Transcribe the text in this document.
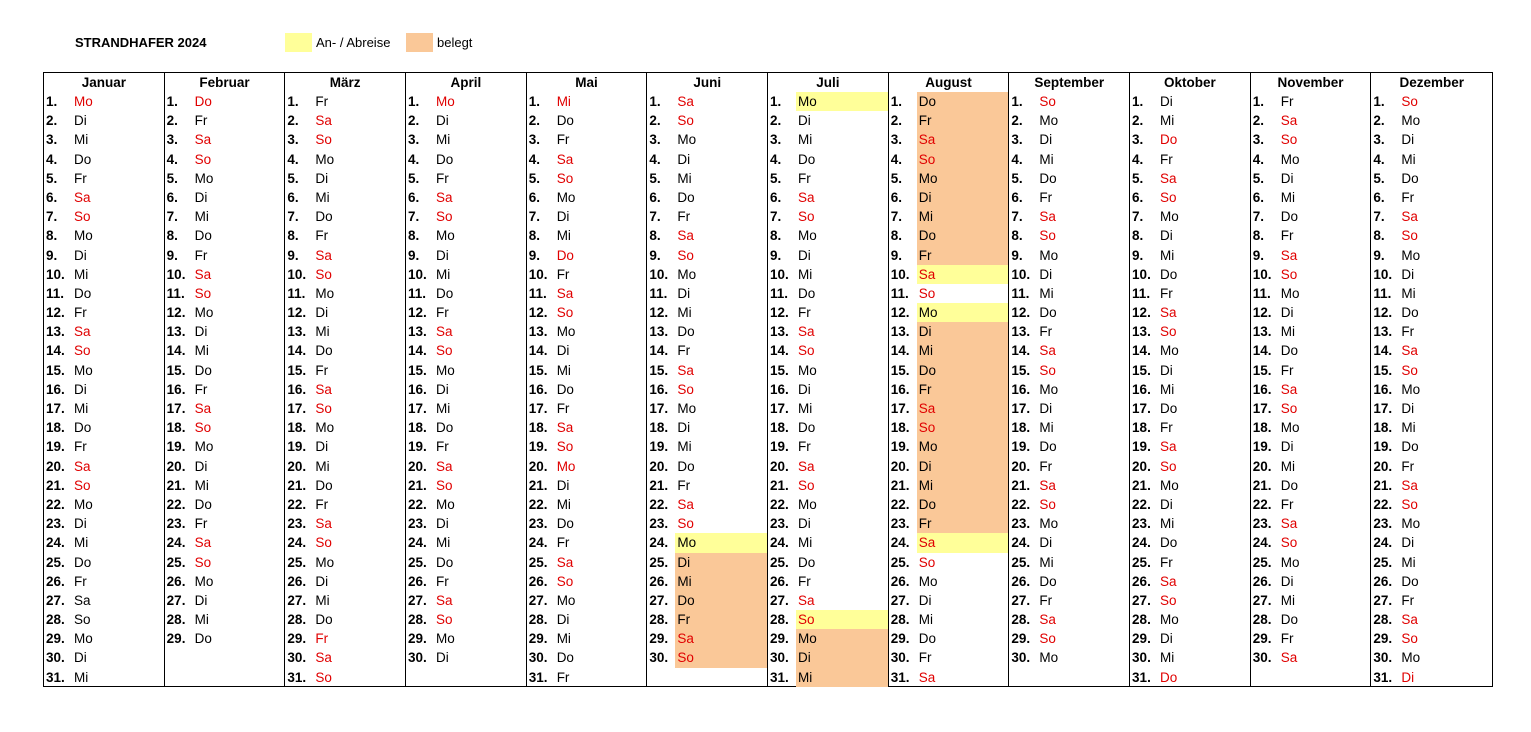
STRANDHAFER 2024	An- / Abreise	belegt
Januar
1.	Mo
2.	Di
3.	Mi
4.	Do
5.	Fr
6.	Sa
7.	So
8.	Mo
9.	Di
10. Mi
11. Do
12. Fr
13. Sa
14. So
15. Mo
16. Di
17. Mi
18. Do
19. Fr
20. Sa
21. So
22. Mo
23. Di
24. Mi
25. Do
26. Fr
27. Sa
28. So
29. Mo
30. Di
31. Mi
Februar
1.	Do
2.	Fr
3.	Sa
4.	So
5.	Mo
6.	Di
7.	Mi
8.	Do
9.	Fr
10. Sa
11. So
12. Mo
13. Di
14. Mi
15. Do
16. Fr
17. Sa
18. So
19. Mo
20. Di
21. Mi
22. Do
23. Fr
24. Sa
25. So
26. Mo
27. Di
28. Mi
29. Do
März
1.	Fr
2.	Sa
3.	So
4.	Mo
5.	Di
6.	Mi
7.	Do
8.	Fr
9.	Sa
10. So
11. Mo
12. Di
13. Mi
14. Do
15. Fr
16. Sa
17. So
18. Mo
19. Di
20. Mi
21. Do
22. Fr
23. Sa
24. So
25. Mo
26. Di
27. Mi
28. Do
29. Fr
30. Sa
31. So
April
1.	Mo
2.	Di
3.	Mi
4.	Do
5.	Fr
6.	Sa
7.	So
8.	Mo
9.	Di
10. Mi
11. Do
12. Fr
13. Sa
14. So
15. Mo
16. Di
17. Mi
18. Do
19. Fr
20. Sa
21. So
22. Mo
23. Di
24. Mi
25. Do
26. Fr
27. Sa
28. So
29. Mo
30. Di
Mai
1.	Mi
2.	Do
3.	Fr
4.	Sa
5.	So
6.	Mo
7.	Di
8.	Mi
9.	Do
10. Fr
11. Sa
12. So
13. Mo
14. Di
15. Mi
16. Do
17. Fr
18. Sa
19. So
20. Mo
21. Di
22. Mi
23. Do
24. Fr
25. Sa
26. So
27. Mo
28. Di
29. Mi
30. Do
31. Fr
Juni
1.	Sa
2.	So
3.	Mo
4.	Di
5.	Mi
6.	Do
7.	Fr
8.	Sa
9.	So
10. Mo
11. Di
12. Mi
13. Do
14. Fr
15. Sa
16. So
17. Mo
18. Di
19. Mi
20. Do
21. Fr
22. Sa
23. So
24. Mo
25. Di
26. Mi
27. Do
28. Fr
29. Sa
30. So
Juli
1.	Mo
2.	Di
3.	Mi
4.	Do
5.	Fr
6.	Sa
7.	So
8.	Mo
9.	Di
10. Mi
11. Do
12. Fr
13. Sa
14. So
15. Mo
16. Di
17. Mi
18. Do
19. Fr
20. Sa
21. So
22. Mo
23. Di
24. Mi
25. Do
26. Fr
27. Sa
28. So
29. Mo
30. Di
31. Mi
August
1.	Do
2.	Fr
3.	Sa
4.	So
5.	Mo
6.	Di
7.	Mi
8.	Do
9.	Fr
10. Sa
11. So
12. Mo
13. Di
14. Mi
15. Do
16. Fr
17. Sa
18. So
19. Mo
20. Di
21. Mi
22. Do
23. Fr
24. Sa
25. So
26. Mo
27. Di
28. Mi
29. Do
30. Fr
31. Sa
September
1.	So
2.	Mo
3.	Di
4.	Mi
5.	Do
6.	Fr
7.	Sa
8.	So
9.	Mo
10. Di
11. Mi
12. Do
13. Fr
14. Sa
15. So
16. Mo
17. Di
18. Mi
19. Do
20. Fr
21. Sa
22. So
23. Mo
24. Di
25. Mi
26. Do
27. Fr
28. Sa
29. So
30. Mo
Oktober
1.	Di
2.	Mi
3.	Do
4.	Fr
5.	Sa
6.	So
7.	Mo
8.	Di
9.	Mi
10. Do
11. Fr
12. Sa
13. So
14. Mo
15. Di
16. Mi
17. Do
18. Fr
19. Sa
20. So
21. Mo
22. Di
23. Mi
24. Do
25. Fr
26. Sa
27. So
28. Mo
29. Di
30. Mi
31. Do
November
1.	Fr
2.	Sa
3.	So
4.	Mo
5.	Di
6.	Mi
7.	Do
8.	Fr
9.	Sa
10. So
11. Mo
12. Di
13. Mi
14. Do
15. Fr
16. Sa
17. So
18. Mo
19. Di
20. Mi
21. Do
22. Fr
23. Sa
24. So
25. Mo
26. Di
27. Mi
28. Do
29. Fr
30. Sa
Dezember
1.	So
2.	Mo
3.	Di
4.	Mi
5.	Do
6.	Fr
7.	Sa
8.	So
9.	Mo
10. Di
11. Mi
12. Do
13. Fr
14. Sa
15. So
16. Mo
17. Di
18. Mi
19. Do
20. Fr
21. Sa
22. So
23. Mo
24. Di
25. Mi
26. Do
27. Fr
28. Sa
29. So
30. Mo
31. Di
